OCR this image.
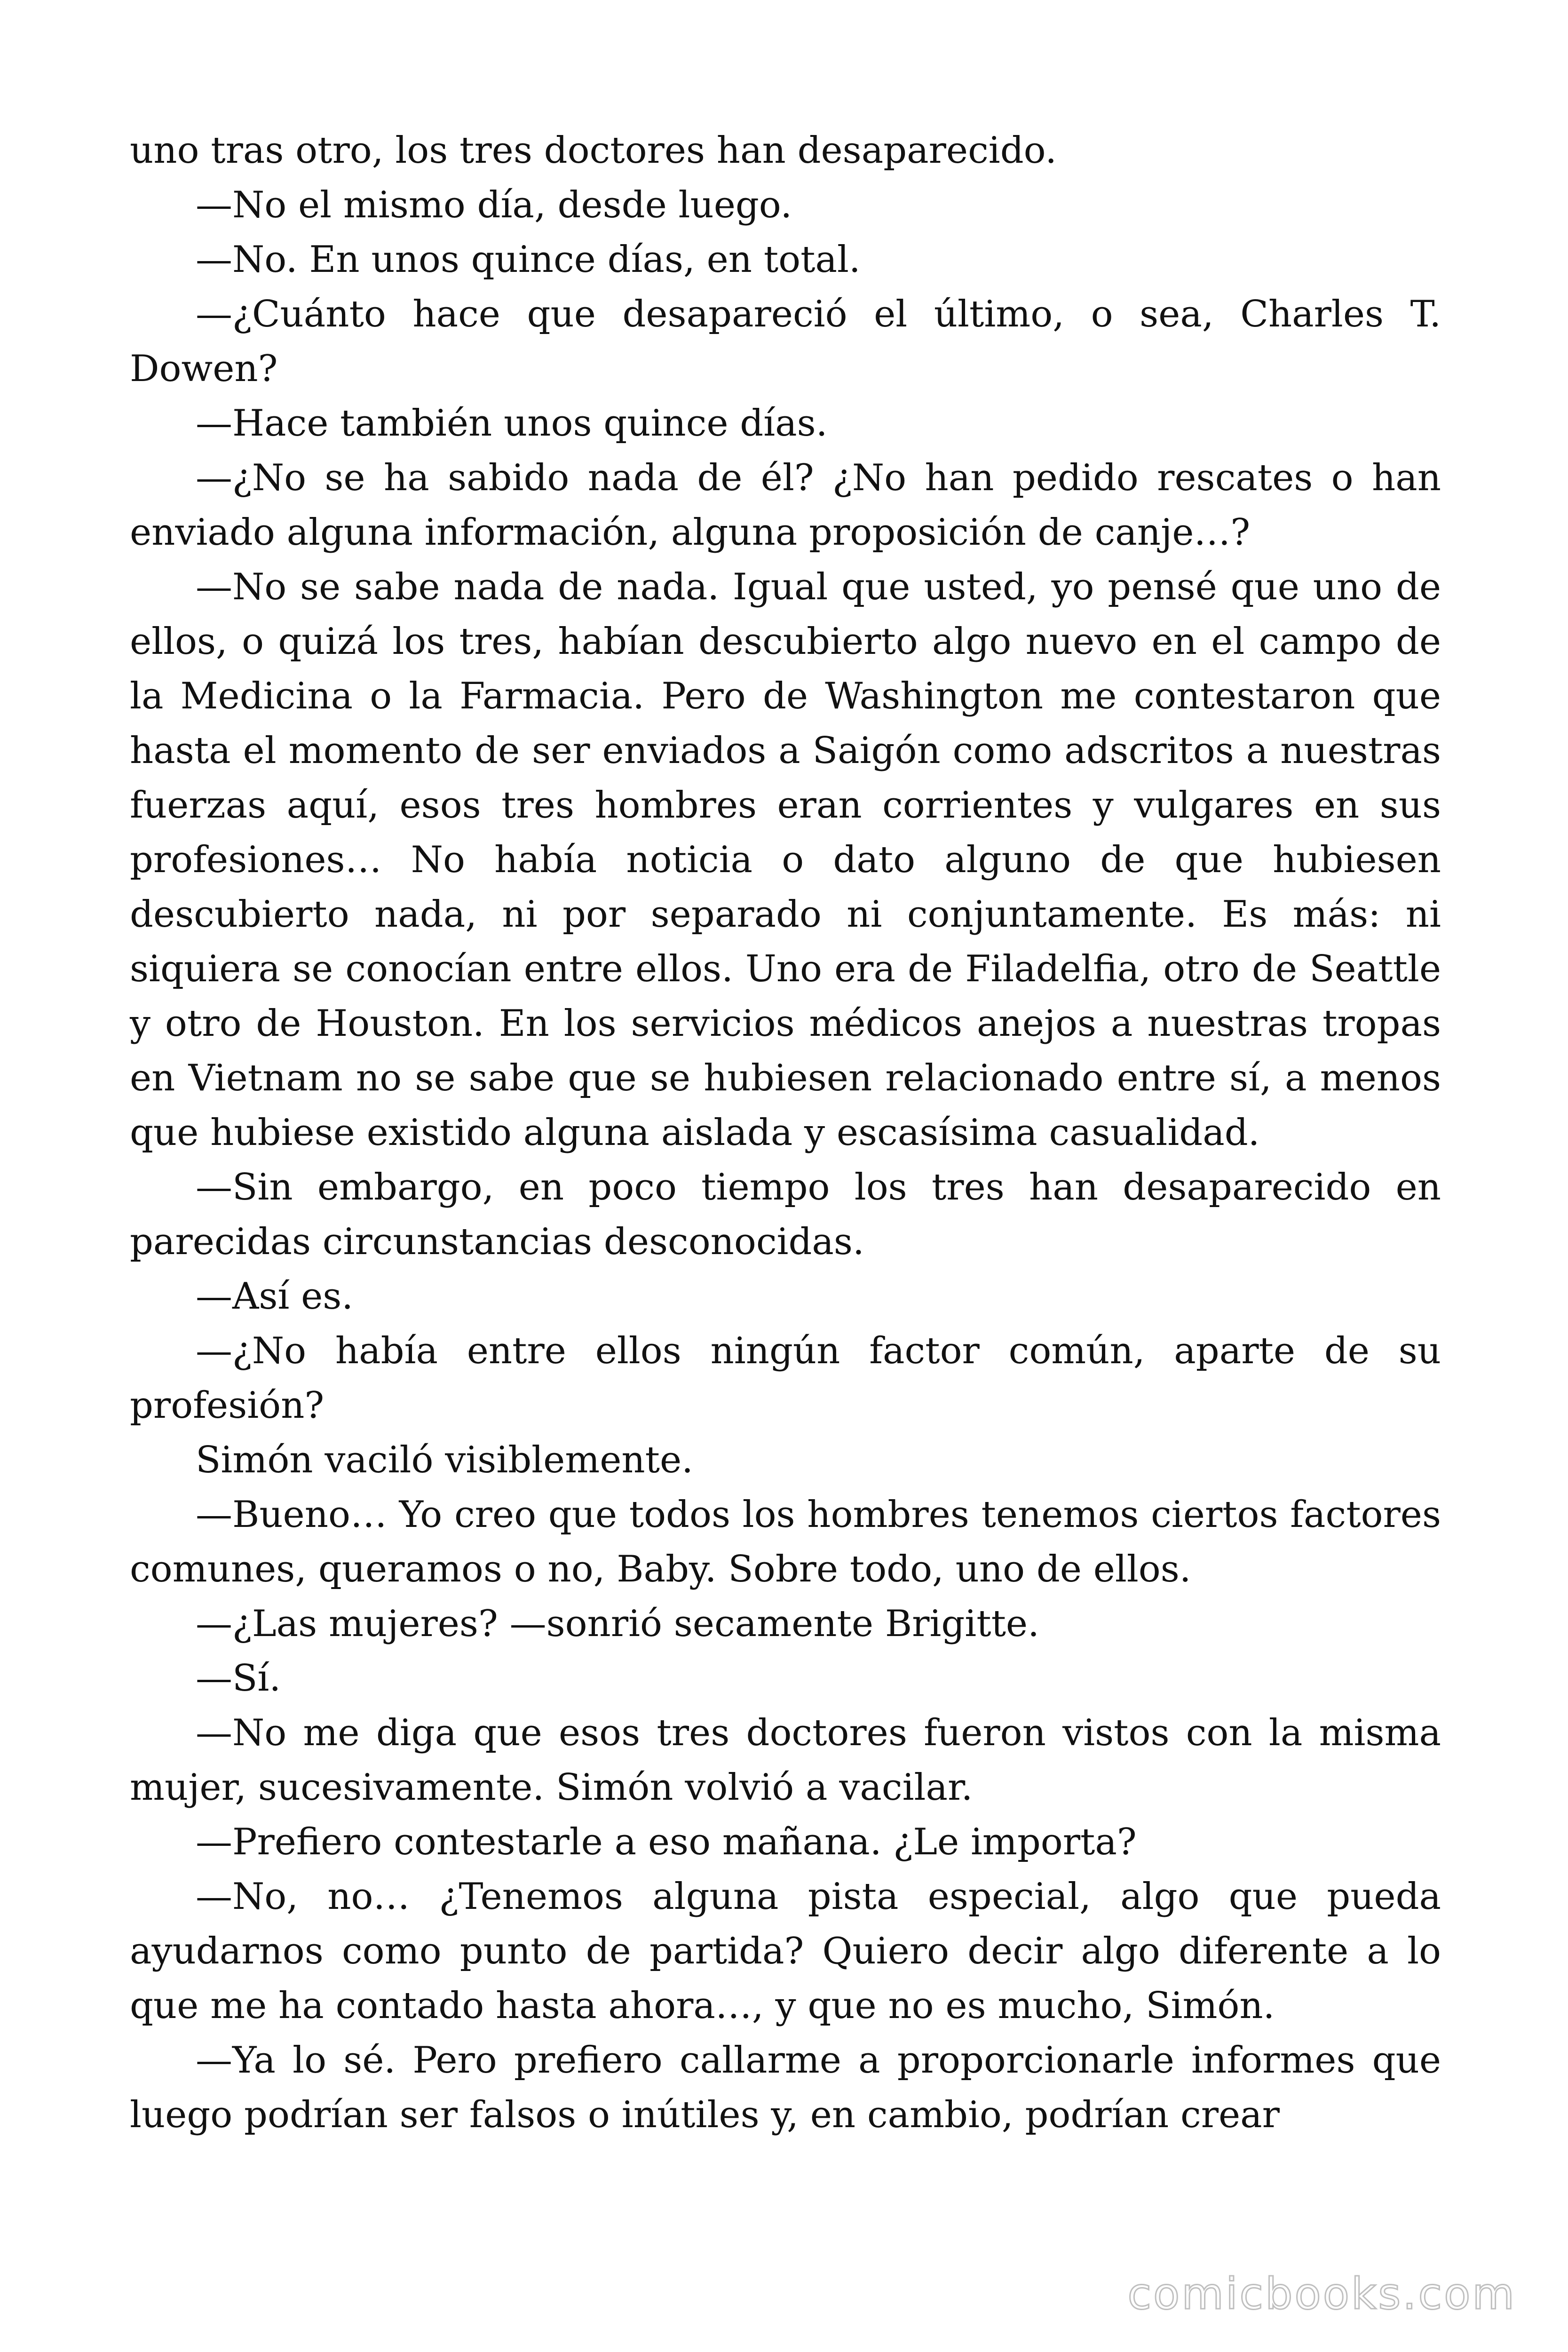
uno tras otro, los tres doctores han desaparecido.

—No el mismo día, desde luego.

—No. En unos quince días, en total.

—¿Cuánto hace que desapareció el último, o sea, Charles T. Dowen?

—Hace también unos quince días.

—¿No se ha sabido nada de él? ¿No han pedido rescates o han enviado alguna información, alguna proposición de canje…?

—No se sabe nada de nada. Igual que usted, yo pensé que uno de ellos, o quizá los tres, habían descubierto algo nuevo en el campo de la Medicina o la Farmacia. Pero de Washington me contestaron que hasta el momento de ser enviados a Saigón como adscritos a nuestras fuerzas aquí, esos tres hombres eran corrientes y vulgares en sus profesiones… No había noticia o dato alguno de que hubiesen descubierto nada, ni por separado ni conjuntamente. Es más: ni siquiera se conocían entre ellos. Uno era de Filadelfia, otro de Seattle y otro de Houston. En los servicios médicos anejos a nuestras tropas en Vietnam no se sabe que se hubiesen relacionado entre sí, a menos que hubiese existido alguna aislada y escasísima casualidad.

—Sin embargo, en poco tiempo los tres han desaparecido en parecidas circunstancias desconocidas.

—Así es.

—¿No había entre ellos ningún factor común, aparte de su profesión?

Simón vaciló visiblemente.

—Bueno… Yo creo que todos los hombres tenemos ciertos factores comunes, queramos o no, Baby. Sobre todo, uno de ellos.

—¿Las mujeres? —sonrió secamente Brigitte.

—Sí.

—No me diga que esos tres doctores fueron vistos con la misma mujer, sucesivamente. Simón volvió a vacilar.

—Prefiero contestarle a eso mañana. ¿Le importa?

—No, no… ¿Tenemos alguna pista especial, algo que pueda ayudarnos como punto de partida? Quiero decir algo diferente a lo que me ha contado hasta ahora…, y que no es mucho, Simón.

—Ya lo sé. Pero prefiero callarme a proporcionarle informes que luego podrían ser falsos o inútiles y, en cambio, podrían crear

comicbooks.com
